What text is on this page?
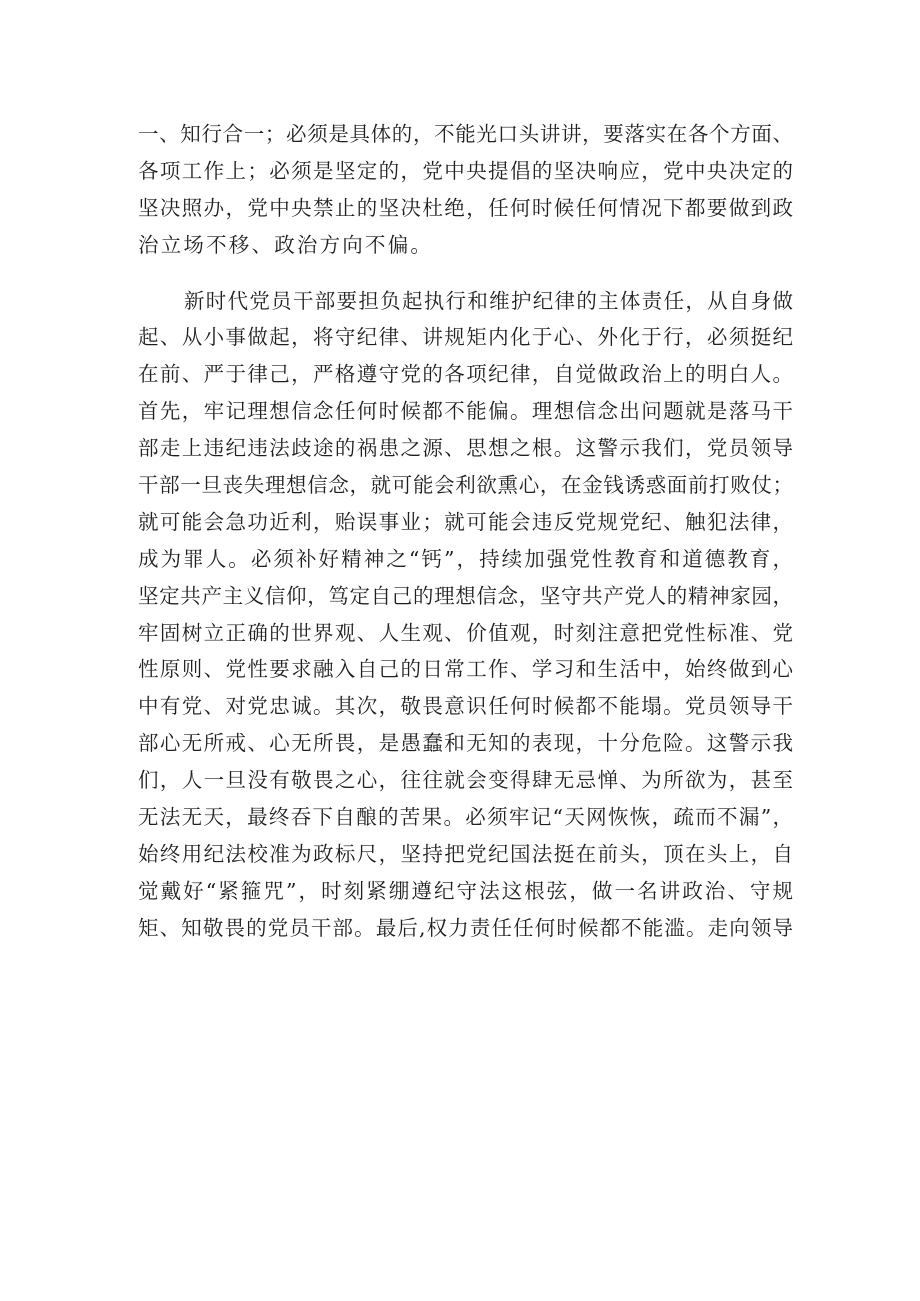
一、知行合一；必须是具体的，不能光口头讲讲，要落实在各个方面、
各项工作上；必须是坚定的，党中央提倡的坚决响应，党中央决定的
坚决照办，党中央禁止的坚决杜绝，任何时候任何情况下都要做到政
治立场不移、政治方向不偏。
新时代党员干部要担负起执行和维护纪律的主体责任，从自身做
起、从小事做起，将守纪律、讲规矩内化于心、外化于行，必须挺纪
在前、严于律己，严格遵守党的各项纪律，自觉做政治上的明白人。
首先，牢记理想信念任何时候都不能偏。理想信念出问题就是落马干
部走上违纪违法歧途的祸患之源、思想之根。这警示我们，党员领导
干部一旦丧失理想信念，就可能会利欲熏心，在金钱诱惑面前打败仗；
就可能会急功近利，贻误事业；就可能会违反党规党纪、触犯法律，
成为罪人。必须补好精神之“钙”，持续加强党性教育和道德教育，
坚定共产主义信仰，笃定自己的理想信念，坚守共产党人的精神家园，
牢固树立正确的世界观、人生观、价值观，时刻注意把党性标准、党
性原则、党性要求融入自己的日常工作、学习和生活中，始终做到心
中有党、对党忠诚。其次，敬畏意识任何时候都不能塌。党员领导干
部心无所戒、心无所畏，是愚蠢和无知的表现，十分危险。这警示我
们，人一旦没有敬畏之心，往往就会变得肆无忌惮、为所欲为，甚至
无法无天，最终吞下自酿的苦果。必须牢记“天网恢恢，疏而不漏”，
始终用纪法校准为政标尺，坚持把党纪国法挺在前头，顶在头上，自
觉戴好“紧箍咒”，时刻紧绷遵纪守法这根弦，做一名讲政治、守规
矩、知敬畏的党员干部。最后,权力责任任何时候都不能滥。走向领导
